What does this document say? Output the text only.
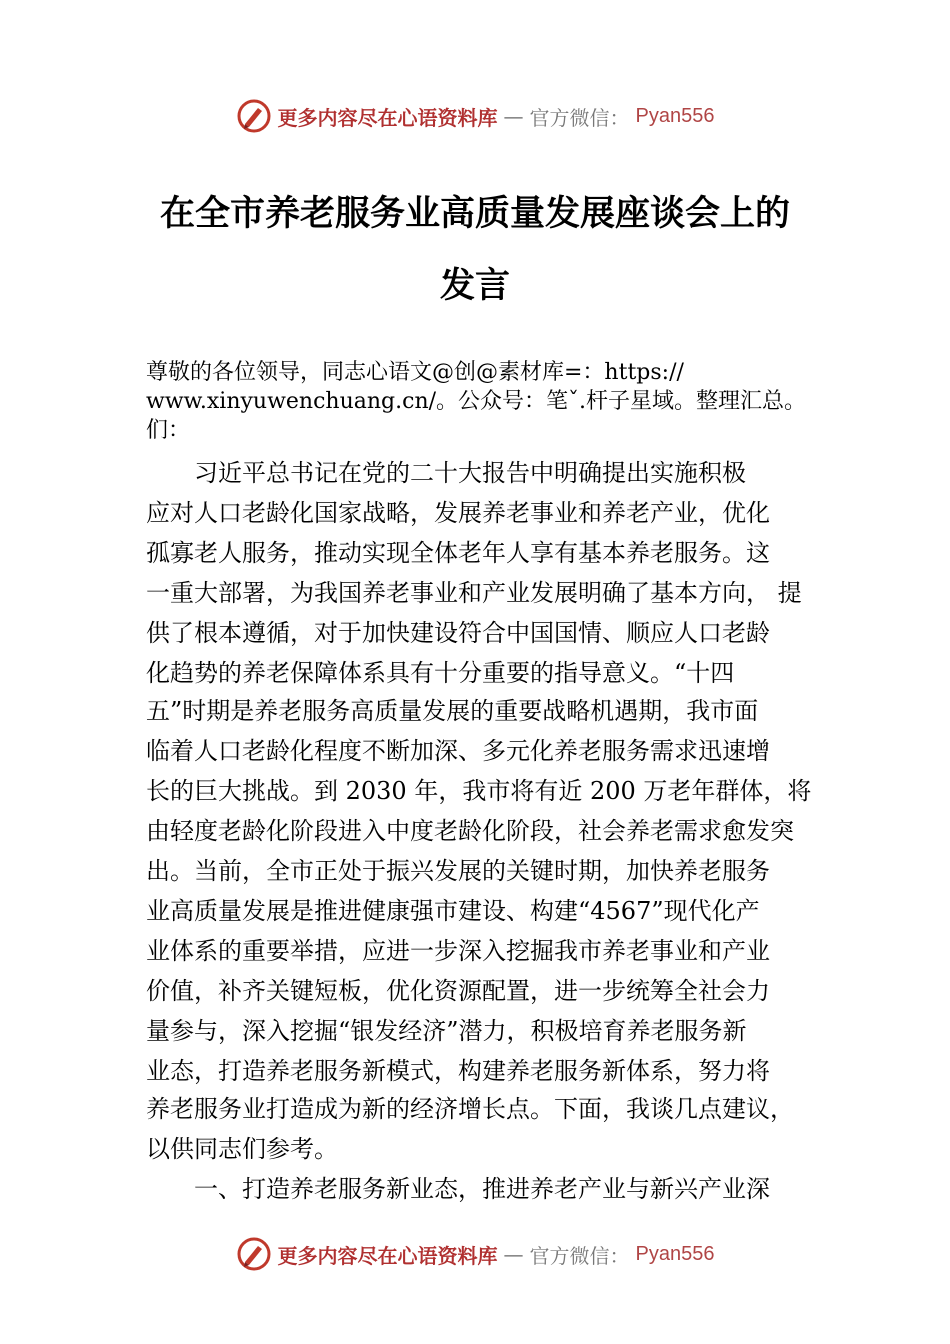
更多内容尽在心语资料库 — 官方微信： Pyan556
在全市养老服务业高质量发展座谈会上的
发言
尊敬的各位领导，同志心语文@创@素材库=：https://
www.xinyuwenchuang.cn/。公众号：笔ˇ.杆子星域。整理汇总。
们：
　　习近平总书记在党的二十大报告中明确提出实施积极
应对人口老龄化国家战略，发展养老事业和养老产业，优化
孤寡老人服务，推动实现全体老年人享有基本养老服务。这
一重大部署，为我国养老事业和产业发展明确了基本方向， 提
供了根本遵循，对于加快建设符合中国国情、顺应人口老龄
化趋势的养老保障体系具有十分重要的指导意义。“十四
五”时期是养老服务高质量发展的重要战略机遇期，我市面
临着人口老龄化程度不断加深、多元化养老服务需求迅速增
长的巨大挑战。到 2030 年，我市将有近 200 万老年群体，将
由轻度老龄化阶段进入中度老龄化阶段，社会养老需求愈发突
出。当前，全市正处于振兴发展的关键时期，加快养老服务
业高质量发展是推进健康强市建设、构建“4567”现代化产
业体系的重要举措，应进一步深入挖掘我市养老事业和产业
价值，补齐关键短板，优化资源配置，进一步统筹全社会力
量参与，深入挖掘“银发经济”潜力，积极培育养老服务新
业态，打造养老服务新模式，构建养老服务新体系，努力将
养老服务业打造成为新的经济增长点。下面，我谈几点建议，
以供同志们参考。
　　一、打造养老服务新业态，推进养老产业与新兴产业深
更多内容尽在心语资料库 — 官方微信： Pyan556
